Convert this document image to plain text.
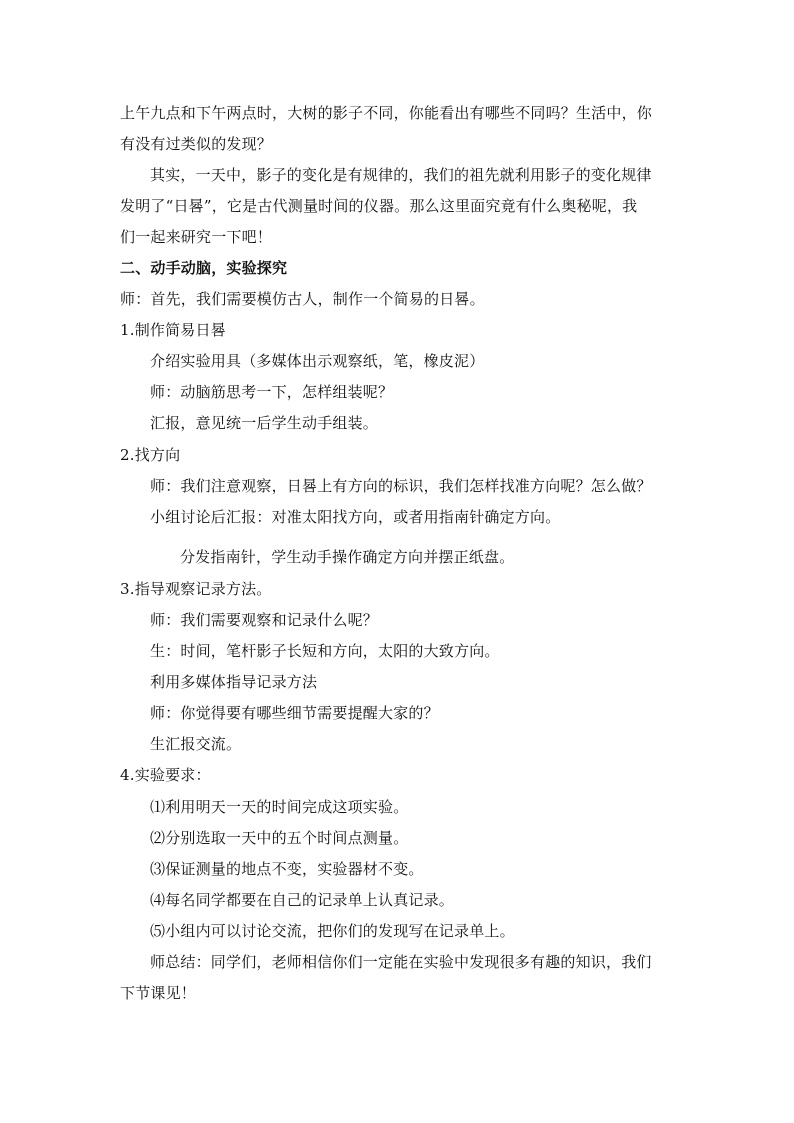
上午九点和下午两点时，大树的影子不同，你能看出有哪些不同吗？生活中，你
有没有过类似的发现？
其实，一天中，影子的变化是有规律的，我们的祖先就利用影子的变化规律
发明了“日晷”，它是古代测量时间的仪器。那么这里面究竟有什么奥秘呢，我
们一起来研究一下吧！
二、动手动脑，实验探究
师：首先，我们需要模仿古人，制作一个简易的日晷。
1.制作简易日晷
介绍实验用具（多媒体出示观察纸，笔，橡皮泥）
师：动脑筋思考一下，怎样组装呢？
汇报，意见统一后学生动手组装。
2.找方向
师：我们注意观察，日晷上有方向的标识，我们怎样找准方向呢？怎么做？
小组讨论后汇报：对准太阳找方向，或者用指南针确定方向。
分发指南针，学生动手操作确定方向并摆正纸盘。
3.指导观察记录方法。
师：我们需要观察和记录什么呢？
生：时间，笔杆影子长短和方向，太阳的大致方向。
利用多媒体指导记录方法
师：你觉得要有哪些细节需要提醒大家的？
生汇报交流。
4.实验要求：
⑴利用明天一天的时间完成这项实验。
⑵分别选取一天中的五个时间点测量。
⑶保证测量的地点不变，实验器材不变。
⑷每名同学都要在自己的记录单上认真记录。
⑸小组内可以讨论交流，把你们的发现写在记录单上。
师总结：同学们，老师相信你们一定能在实验中发现很多有趣的知识，我们
下节课见！
